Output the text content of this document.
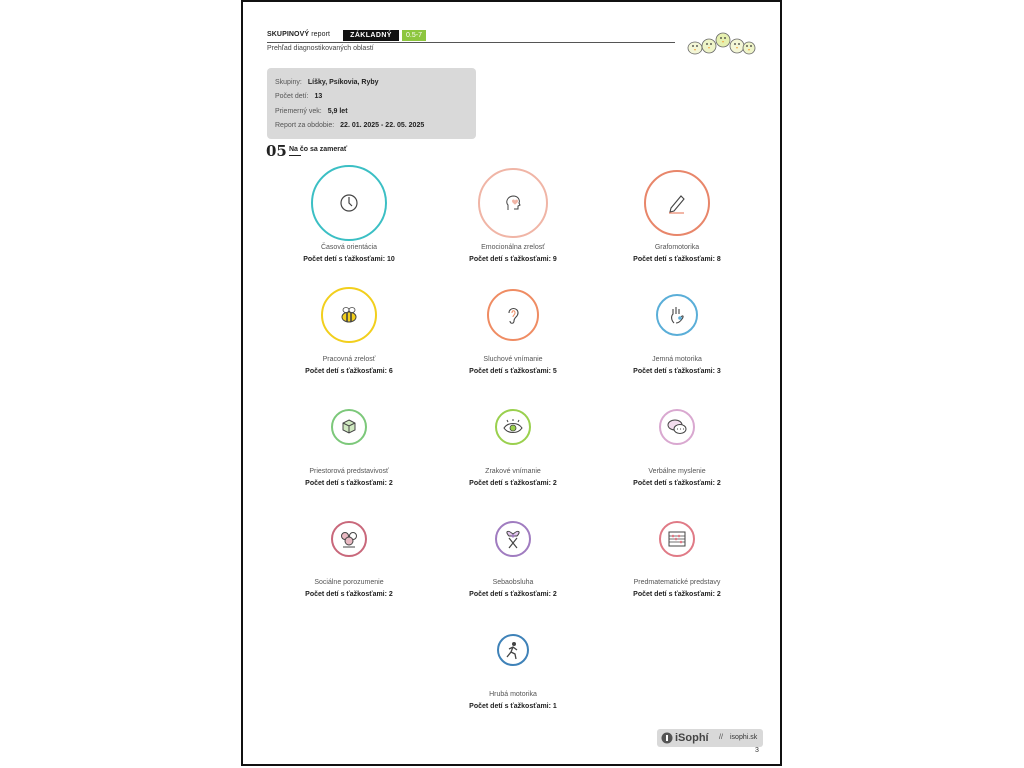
SKUPINOVÝ report	ZÁKLADNÝ	0.5-7
Prehľad diagnostikovaných oblastí
Skupiny: Líšky, Psíkovia, Ryby
Počet detí: 13
Priemerný vek: 5,9 let
Report za obdobie: 22. 01. 2025 - 22. 05. 2025
05 Na čo sa zamerať
Časová orientácia
Počet detí s ťažkosťami: 10
Emocionálna zrelosť
Počet detí s ťažkosťami: 9
Grafomotorika
Počet detí s ťažkosťami: 8
Pracovná zrelosť
Počet detí s ťažkosťami: 6
Sluchové vnímanie
Počet detí s ťažkosťami: 5
Jemná motorika
Počet detí s ťažkosťami: 3
Priestorová predstavivosť
Počet detí s ťažkosťami: 2
Zrakové vnímanie
Počet detí s ťažkosťami: 2
Verbálne myslenie
Počet detí s ťažkosťami: 2
Sociálne porozumenie
Počet detí s ťažkosťami: 2
Sebaobsluha
Počet detí s ťažkosťami: 2
Predmatematické predstavy
Počet detí s ťažkosťami: 2
Hrubá motorika
Počet detí s ťažkosťami: 1
iSophí // isophi.sk
3
